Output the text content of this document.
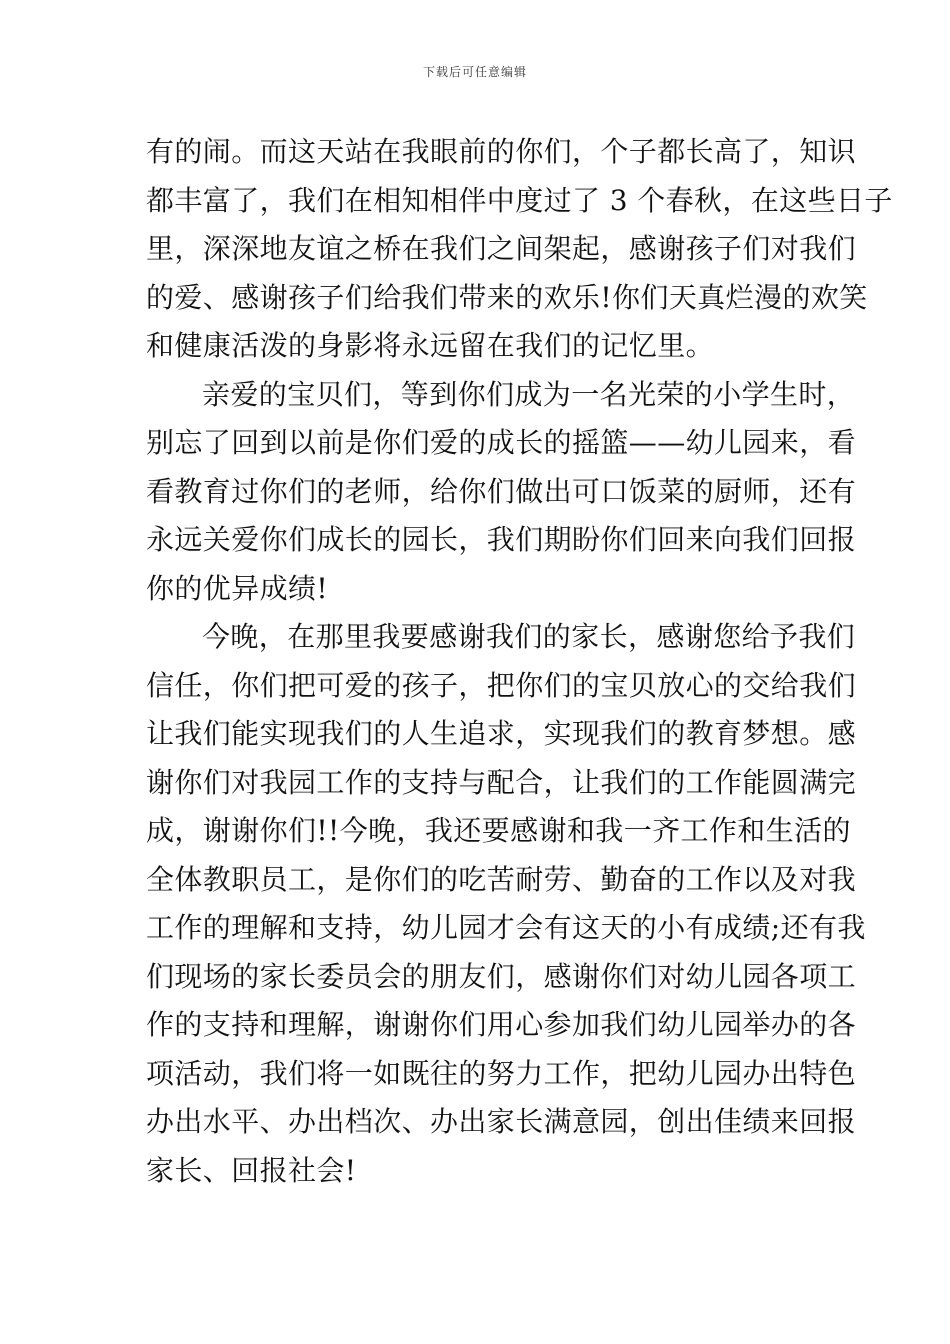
下载后可任意编辑
有的闹。而这天站在我眼前的你们，个子都长高了，知识
都丰富了，我们在相知相伴中度过了 3 个春秋，在这些日子
里，深深地友谊之桥在我们之间架起，感谢孩子们对我们
的爱、感谢孩子们给我们带来的欢乐!你们天真烂漫的欢笑
和健康活泼的身影将永远留在我们的记忆里。
亲爱的宝贝们，等到你们成为一名光荣的小学生时，
别忘了回到以前是你们爱的成长的摇篮——幼儿园来，看
看教育过你们的老师，给你们做出可口饭菜的厨师，还有
永远关爱你们成长的园长，我们期盼你们回来向我们回报
你的优异成绩!
今晚，在那里我要感谢我们的家长，感谢您给予我们
信任，你们把可爱的孩子，把你们的宝贝放心的交给我们
让我们能实现我们的人生追求，实现我们的教育梦想。感
谢你们对我园工作的支持与配合，让我们的工作能圆满完
成，谢谢你们!!今晚，我还要感谢和我一齐工作和生活的
全体教职员工，是你们的吃苦耐劳、勤奋的工作以及对我
工作的理解和支持，幼儿园才会有这天的小有成绩;还有我
们现场的家长委员会的朋友们，感谢你们对幼儿园各项工
作的支持和理解，谢谢你们用心参加我们幼儿园举办的各
项活动，我们将一如既往的努力工作，把幼儿园办出特色
办出水平、办出档次、办出家长满意园，创出佳绩来回报
家长、回报社会!
